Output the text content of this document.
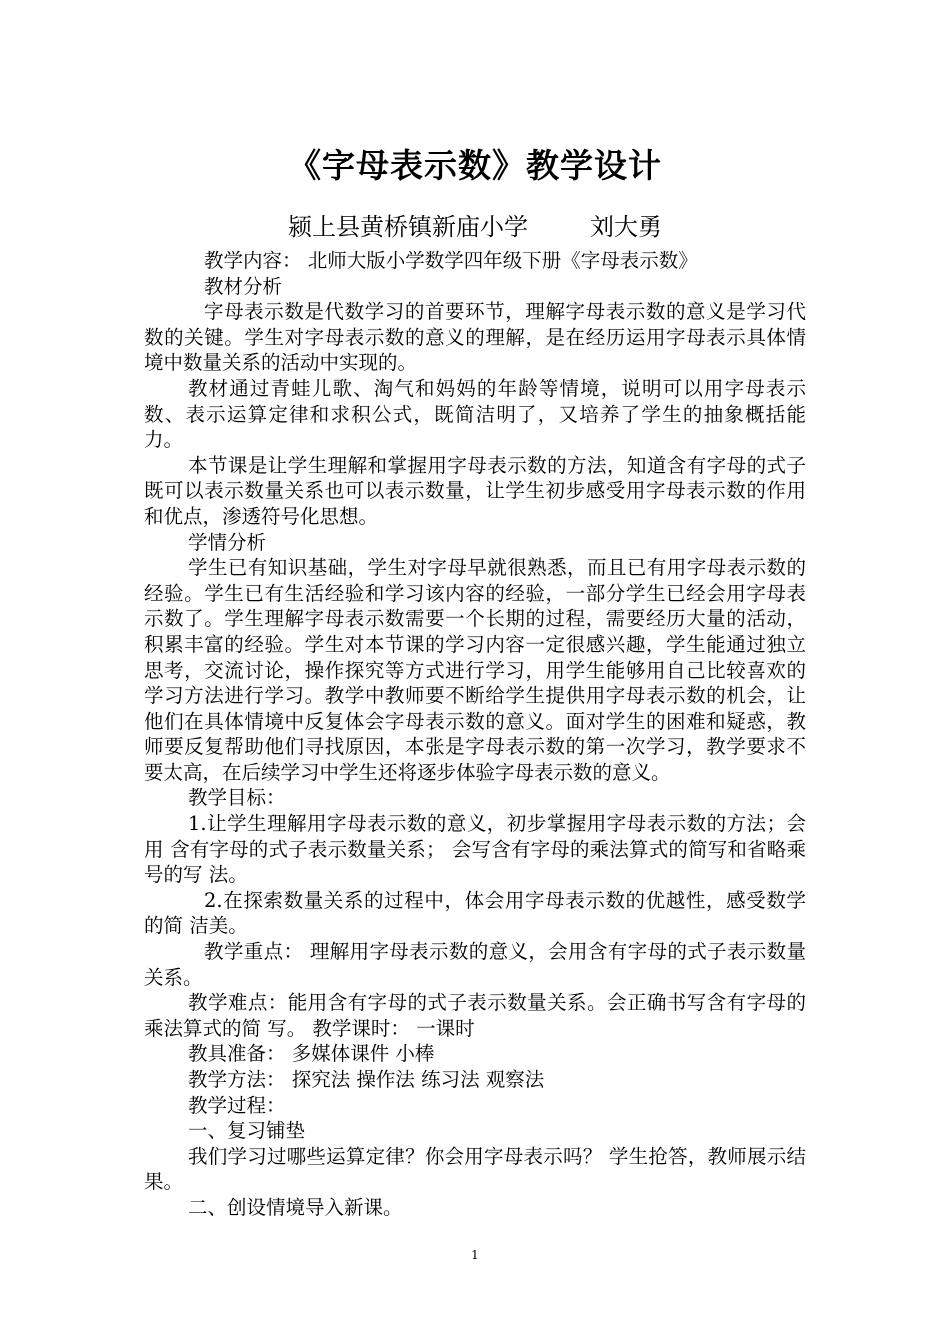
《字母表示数》教学设计
颍上县黄桥镇新庙小学	刘大勇

教学内容： 北师大版小学数学四年级下册《字母表示数》

教材分析

字母表示数是代数学习的首要环节，理解字母表示数的意义是学习代数的关键。学生对字母表示数的意义的理解，是在经历运用字母表示具体情境中数量关系的活动中实现的。

教材通过青蛙儿歌、淘气和妈妈的年龄等情境，说明可以用字母表示数、表示运算定律和求积公式，既简洁明了，又培养了学生的抽象概括能力。

本节课是让学生理解和掌握用字母表示数的方法，知道含有字母的式子既可以表示数量关系也可以表示数量，让学生初步感受用字母表示数的作用和优点，渗透符号化思想。

学情分析

学生已有知识基础，学生对字母早就很熟悉，而且已有用字母表示数的经验。学生已有生活经验和学习该内容的经验，一部分学生已经会用字母表示数了。学生理解字母表示数需要一个长期的过程，需要经历大量的活动，积累丰富的经验。学生对本节课的学习内容一定很感兴趣，学生能通过独立思考，交流讨论，操作探究等方式进行学习，用学生能够用自己比较喜欢的学习方法进行学习。教学中教师要不断给学生提供用字母表示数的机会，让他们在具体情境中反复体会字母表示数的意义。面对学生的困难和疑惑，教师要反复帮助他们寻找原因，本张是字母表示数的第一次学习，教学要求不要太高，在后续学习中学生还将逐步体验字母表示数的意义。

教学目标：

1.让学生理解用字母表示数的意义，初步掌握用字母表示数的方法；会用 含有字母的式子表示数量关系； 会写含有字母的乘法算式的简写和省略乘号的写 法。

2.在探索数量关系的过程中，体会用字母表示数的优越性，感受数学的简 洁美。

教学重点： 理解用字母表示数的意义，会用含有字母的式子表示数量关系。

教学难点：能用含有字母的式子表示数量关系。会正确书写含有字母的乘法算式的简 写。 教学课时： 一课时

教具准备： 多媒体课件 小棒

教学方法： 探究法 操作法 练习法 观察法

教学过程：

一、复习铺垫

我们学习过哪些运算定律？你会用字母表示吗？ 学生抢答，教师展示结果。

二、创设情境导入新课。

1
